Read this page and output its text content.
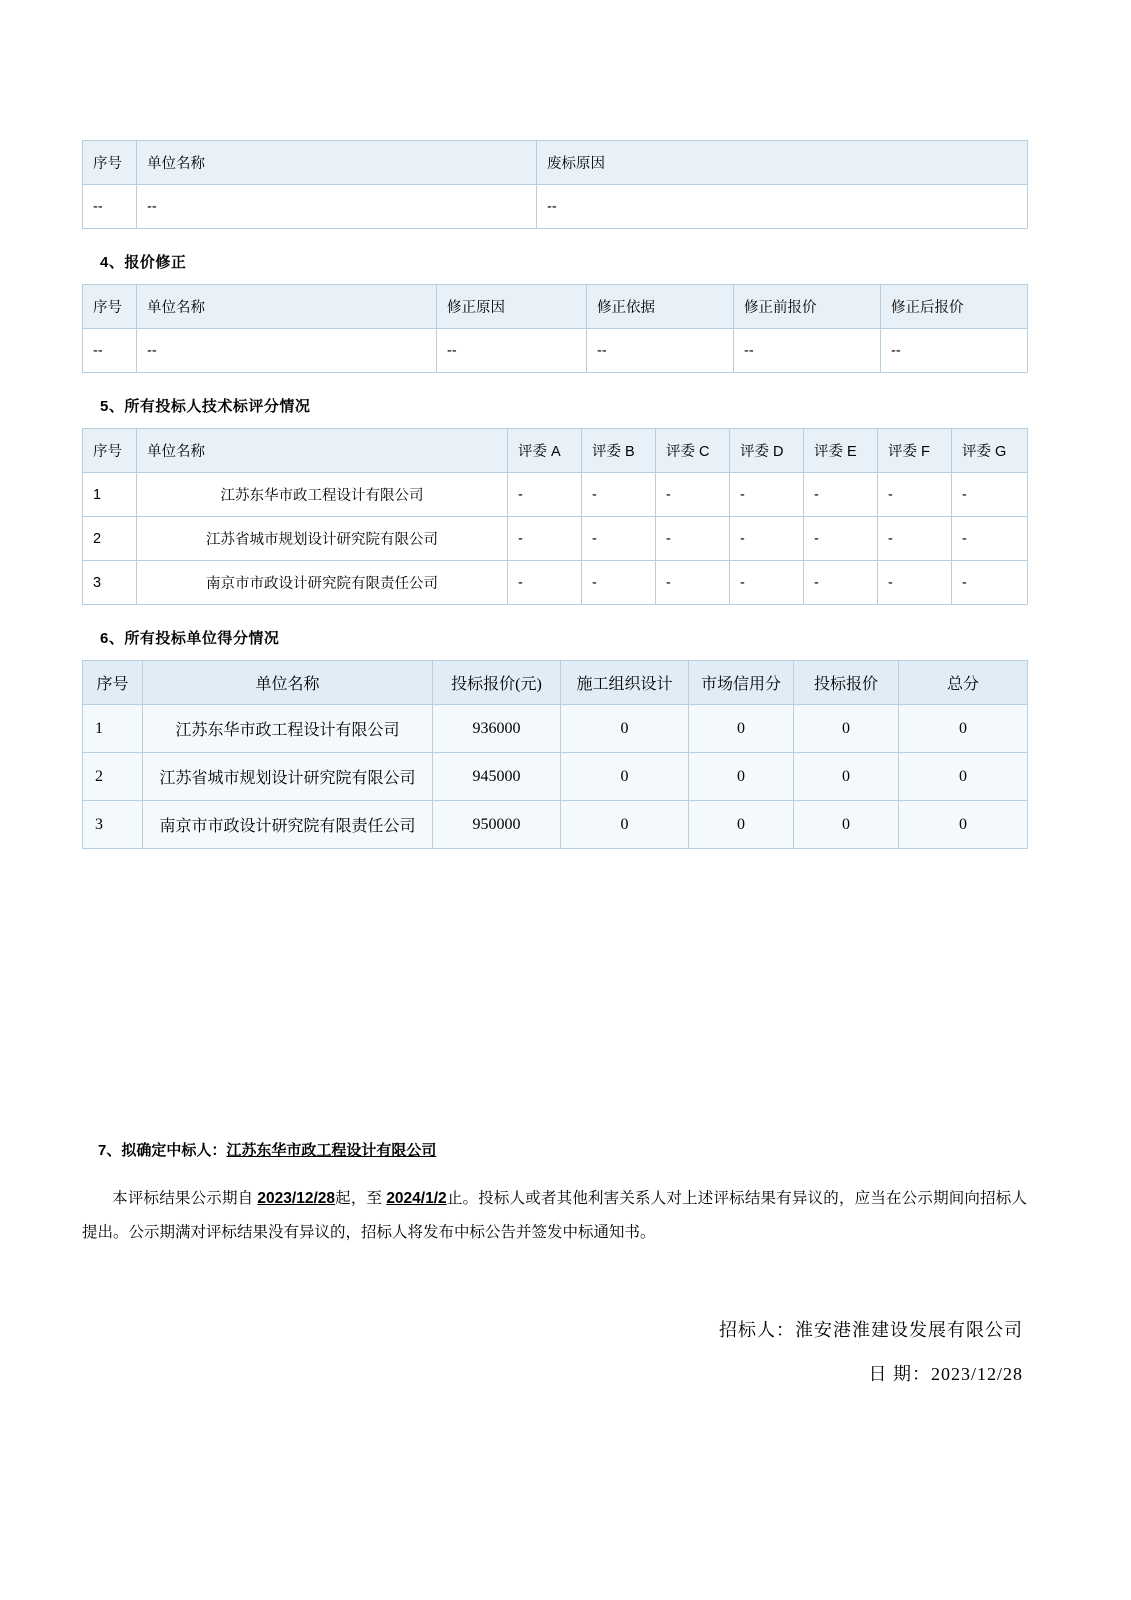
序号	单位名称	废标原因
--	--	--
4、报价修正
序号	单位名称	修正原因	修正依据	修正前报价	修正后报价
--	--	--	--	--	--
5、所有投标人技术标评分情况
序号	单位名称	评委 A	评委 B	评委 C	评委 D	评委 E	评委 F	评委 G
1	江苏东华市政工程设计有限公司	-	-	-	-	-	-	-
2	江苏省城市规划设计研究院有限公司	-	-	-	-	-	-	-
3	南京市市政设计研究院有限责任公司	-	-	-	-	-	-	-
6、所有投标单位得分情况
序号	单位名称	投标报价(元)	施工组织设计	市场信用分	投标报价	总分
1	江苏东华市政工程设计有限公司	936000	0	0	0	0
2	江苏省城市规划设计研究院有限公司	945000	0	0	0	0
3	南京市市政设计研究院有限责任公司	950000	0	0	0	0
7、拟确定中标人：江苏东华市政工程设计有限公司
本评标结果公示期自 2023/12/28起，至 2024/1/2止。投标人或者其他利害关系人对上述评标结果有异议的，应当在公示期间向招标人提出。公示期满对评标结果没有异议的，招标人将发布中标公告并签发中标通知书。
招标人：淮安港淮建设发展有限公司
日 期：2023/12/28
